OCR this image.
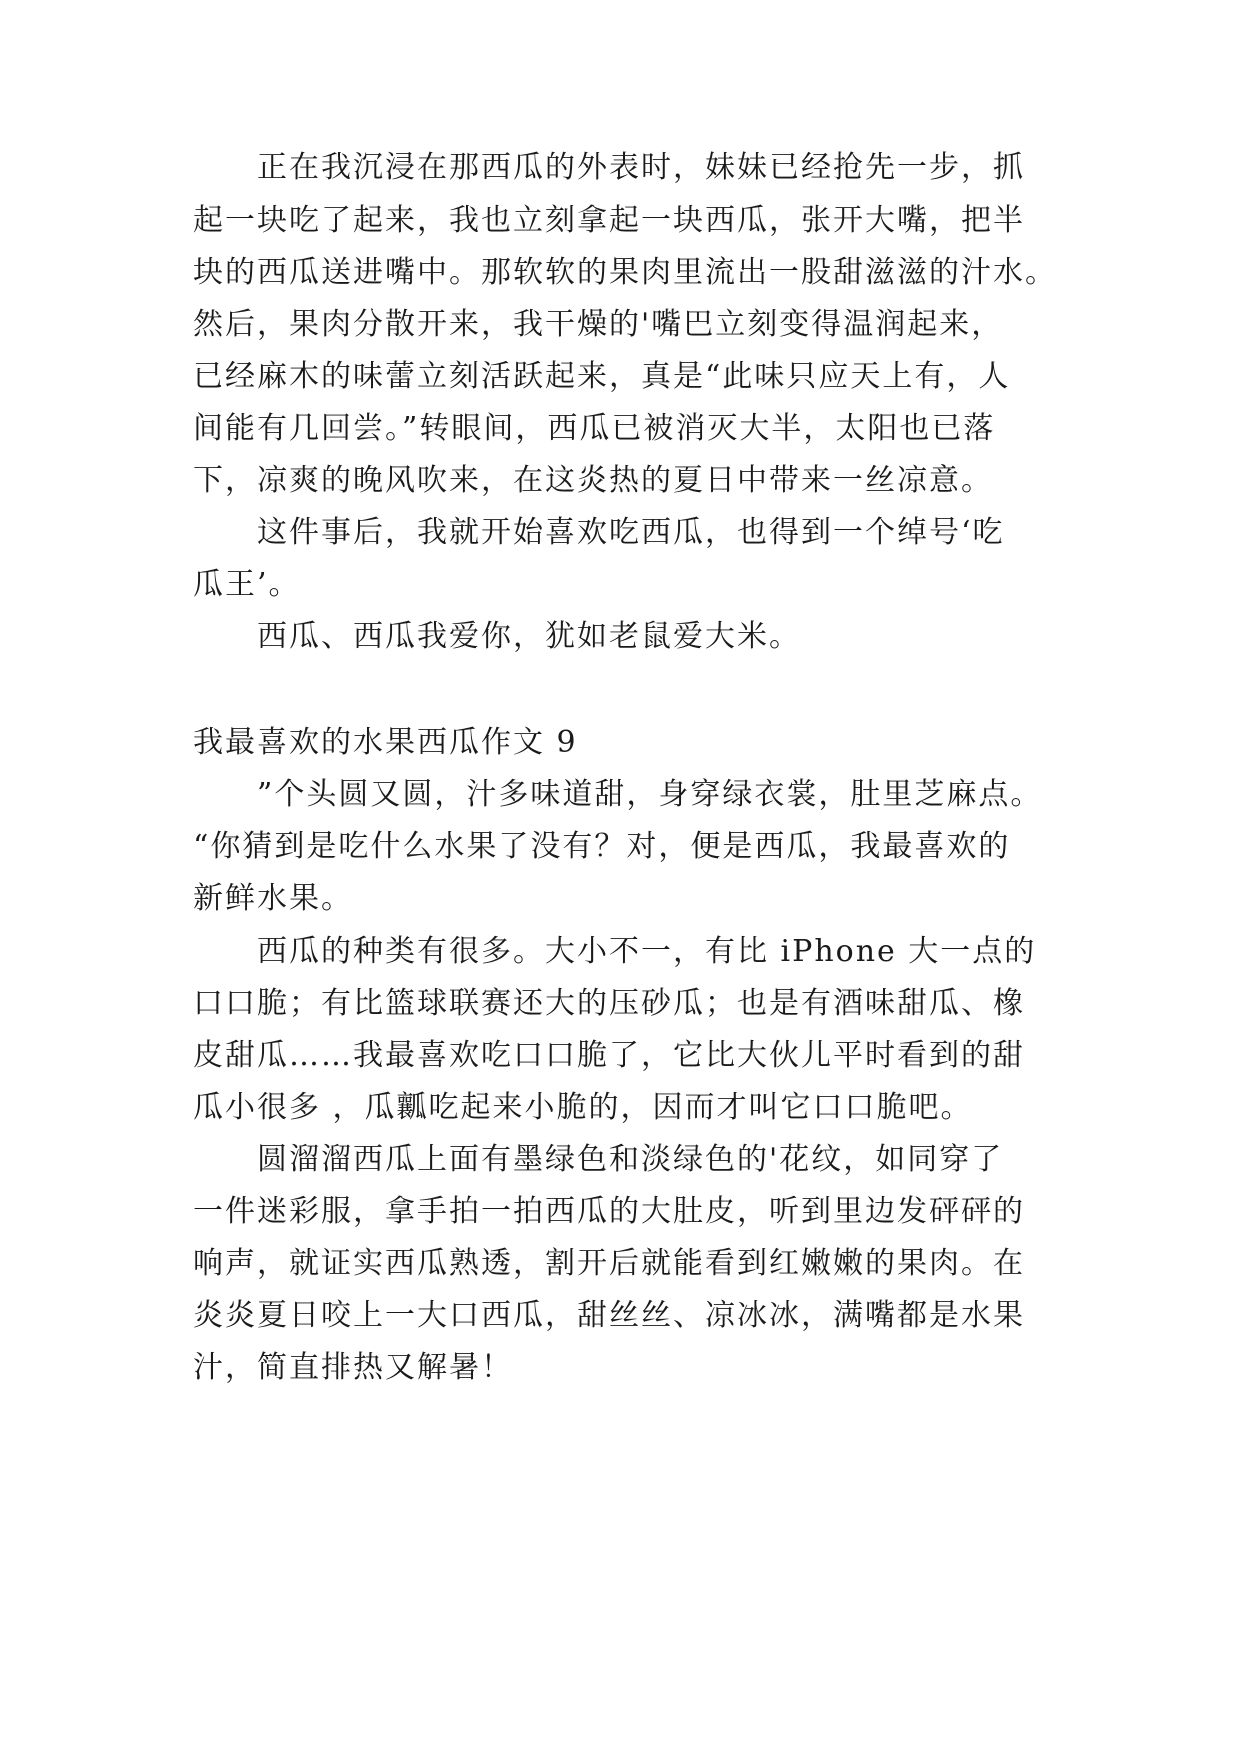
正在我沉浸在那西瓜的外表时，妹妹已经抢先一步，抓
起一块吃了起来，我也立刻拿起一块西瓜，张开大嘴，把半
块的西瓜送进嘴中。那软软的果肉里流出一股甜滋滋的汁水。
然后，果肉分散开来，我干燥的'嘴巴立刻变得温润起来，
已经麻木的味蕾立刻活跃起来，真是“此味只应天上有，人
间能有几回尝。”转眼间，西瓜已被消灭大半，太阳也已落
下，凉爽的晚风吹来，在这炎热的夏日中带来一丝凉意。
这件事后，我就开始喜欢吃西瓜，也得到一个绰号‘吃
瓜王’。
西瓜、西瓜我爱你，犹如老鼠爱大米。
我最喜欢的水果西瓜作文 9
”个头圆又圆，汁多味道甜，身穿绿衣裳，肚里芝麻点。
“你猜到是吃什么水果了没有？对，便是西瓜，我最喜欢的
新鲜水果。
西瓜的种类有很多。大小不一，有比 iPhone 大一点的
口口脆；有比篮球联赛还大的压砂瓜；也是有酒味甜瓜、橡
皮甜瓜……我最喜欢吃口口脆了，它比大伙儿平时看到的甜
瓜小很多 ，瓜瓤吃起来小脆的，因而才叫它口口脆吧。
圆溜溜西瓜上面有墨绿色和淡绿色的'花纹，如同穿了
一件迷彩服，拿手拍一拍西瓜的大肚皮，听到里边发砰砰的
响声，就证实西瓜熟透，割开后就能看到红嫩嫩的果肉。在
炎炎夏日咬上一大口西瓜，甜丝丝、凉冰冰，满嘴都是水果
汁，简直排热又解暑！
